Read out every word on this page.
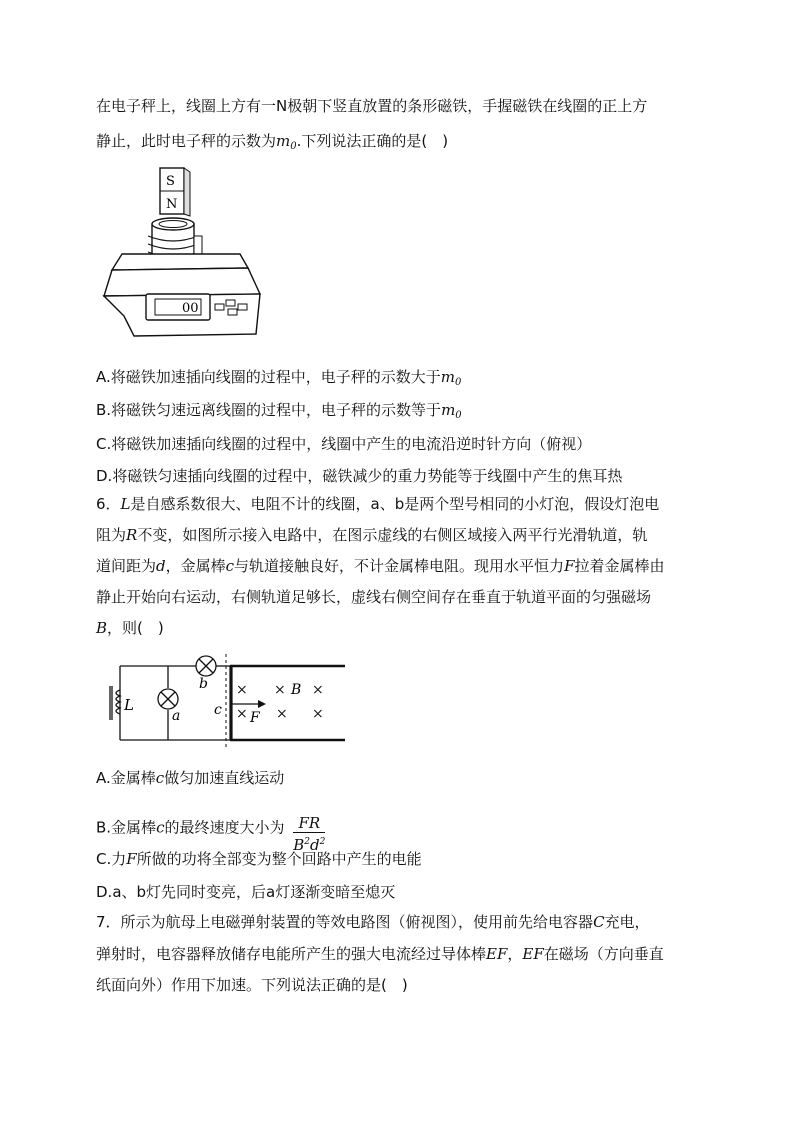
在电子秤上，线圈上方有一N极朝下竖直放置的条形磁铁，手握磁铁在线圈的正上方
静止，此时电子秤的示数为$m_0$.下列说法正确的是(　)
S
N
00
A.将磁铁加速插向线圈的过程中，电子秤的示数大于$m_0$
B.将磁铁匀速远离线圈的过程中，电子秤的示数等于$m_0$
C.将磁铁加速插向线圈的过程中，线圈中产生的电流沿逆时针方向（俯视）
D.将磁铁匀速插向线圈的过程中，磁铁减少的重力势能等于线圈中产生的焦耳热
6．L是自感系数很大、电阻不计的线圈，a、b是两个型号相同的小灯泡，假设灯泡电
阻为R不变，如图所示接入电路中，在图示虚线的右侧区域接入两平行光滑轨道，轨
道间距为d，金属棒c与轨道接触良好，不计金属棒电阻。现用水平恒力F拉着金属棒由
静止开始向右运动，右侧轨道足够长，虚线右侧空间存在垂直于轨道平面的匀强磁场
B，则(　)
L
a
b
c F
B
× × ×
× × ×
A.金属棒c做匀加速直线运动
B.金属棒c的最终速度大小为 $\frac{FR}{B^2d^2}$
C.力F所做的功将全部变为整个回路中产生的电能
D.a、b灯先同时变亮，后a灯逐渐变暗至熄灭
7．所示为航母上电磁弹射装置的等效电路图（俯视图），使用前先给电容器C充电，
弹射时，电容器释放储存电能所产生的强大电流经过导体棒EF，EF在磁场（方向垂直
纸面向外）作用下加速。下列说法正确的是(　)
